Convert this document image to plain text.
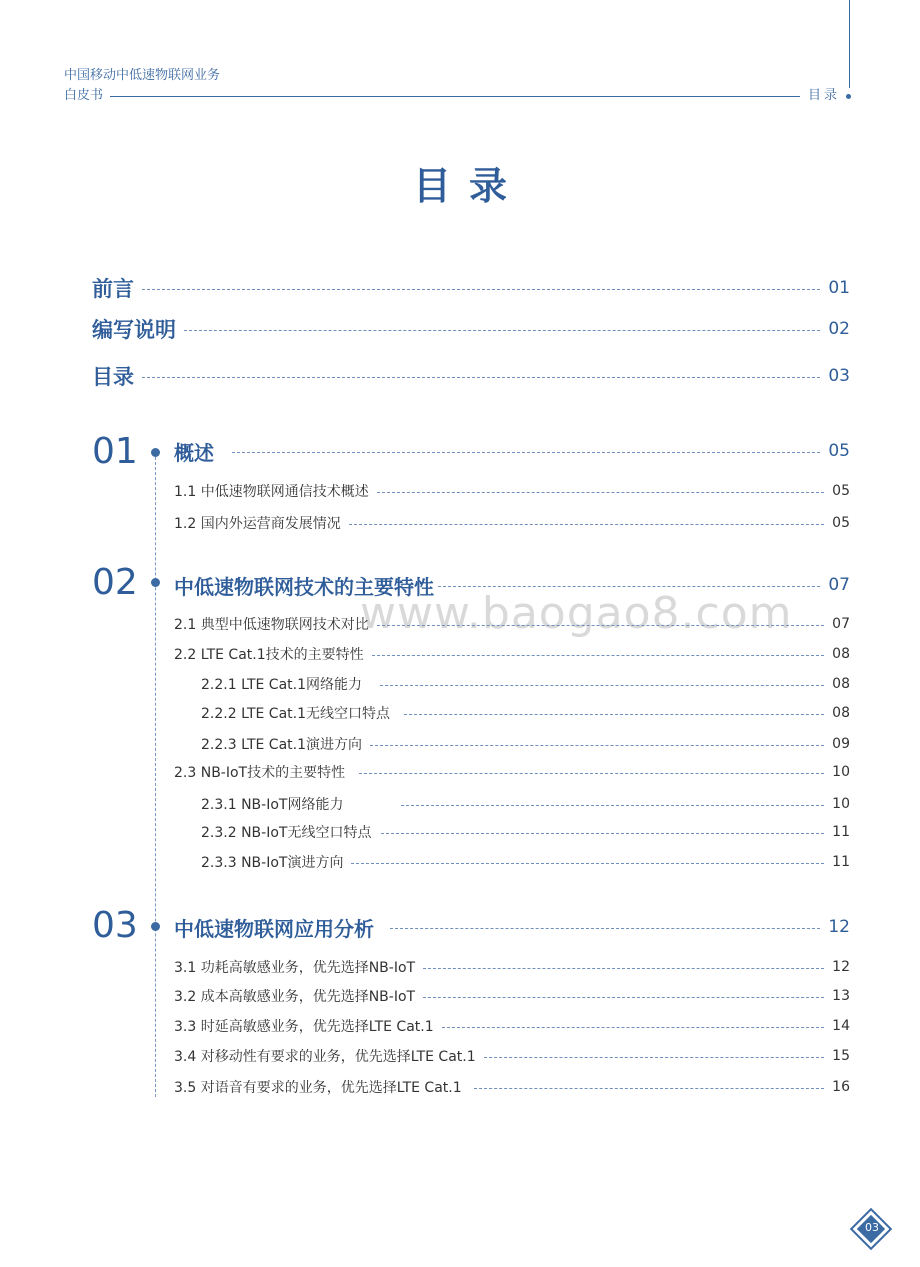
中国移动中低速物联网业务
白皮书	目录
目录
www.baogao8.com
前言	01
编写说明	02
目录	03
01 概述	05
1.1 中低速物联网通信技术概述	05
1.2 国内外运营商发展情况	05
02 中低速物联网技术的主要特性	07
2.1 典型中低速物联网技术对比	07
2.2 LTE Cat.1技术的主要特性	08
2.2.1 LTE Cat.1网络能力	08
2.2.2 LTE Cat.1无线空口特点	08
2.2.3 LTE Cat.1演进方向	09
2.3 NB-IoT技术的主要特性	10
2.3.1 NB-IoT网络能力	10
2.3.2 NB-IoT无线空口特点	11
2.3.3 NB-IoT演进方向	11
03 中低速物联网应用分析	12
3.1 功耗高敏感业务，优先选择NB-IoT	12
3.2 成本高敏感业务，优先选择NB-IoT	13
3.3 时延高敏感业务，优先选择LTE Cat.1	14
3.4 对移动性有要求的业务，优先选择LTE Cat.1	15
3.5 对语音有要求的业务，优先选择LTE Cat.1	16
03
